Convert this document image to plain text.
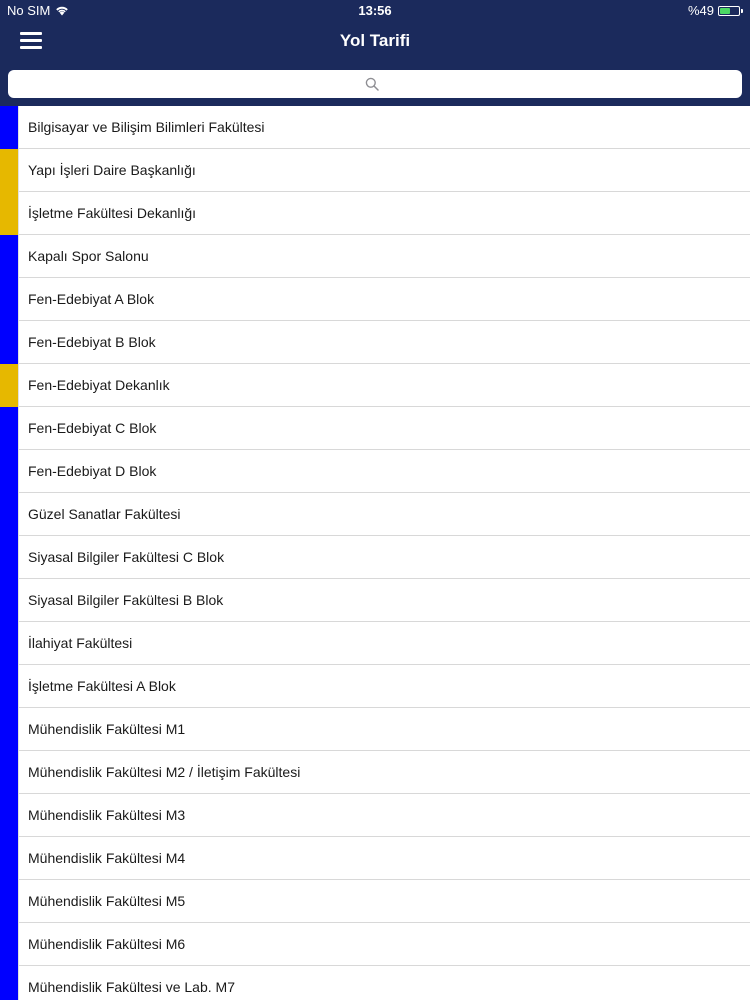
No SIM	13:56	%49
Yol Tarifi
Bilgisayar ve Bilişim Bilimleri Fakültesi
Yapı İşleri Daire Başkanlığı
İşletme Fakültesi Dekanlığı
Kapalı Spor Salonu
Fen-Edebiyat A Blok
Fen-Edebiyat B Blok
Fen-Edebiyat Dekanlık
Fen-Edebiyat C Blok
Fen-Edebiyat D Blok
Güzel Sanatlar Fakültesi
Siyasal Bilgiler Fakültesi C Blok
Siyasal Bilgiler Fakültesi B Blok
İlahiyat Fakültesi
İşletme Fakültesi A Blok
Mühendislik Fakültesi M1
Mühendislik Fakültesi M2 / İletişim Fakültesi
Mühendislik Fakültesi M3
Mühendislik Fakültesi M4
Mühendislik Fakültesi M5
Mühendislik Fakültesi M6
Mühendislik Fakültesi ve Lab. M7
